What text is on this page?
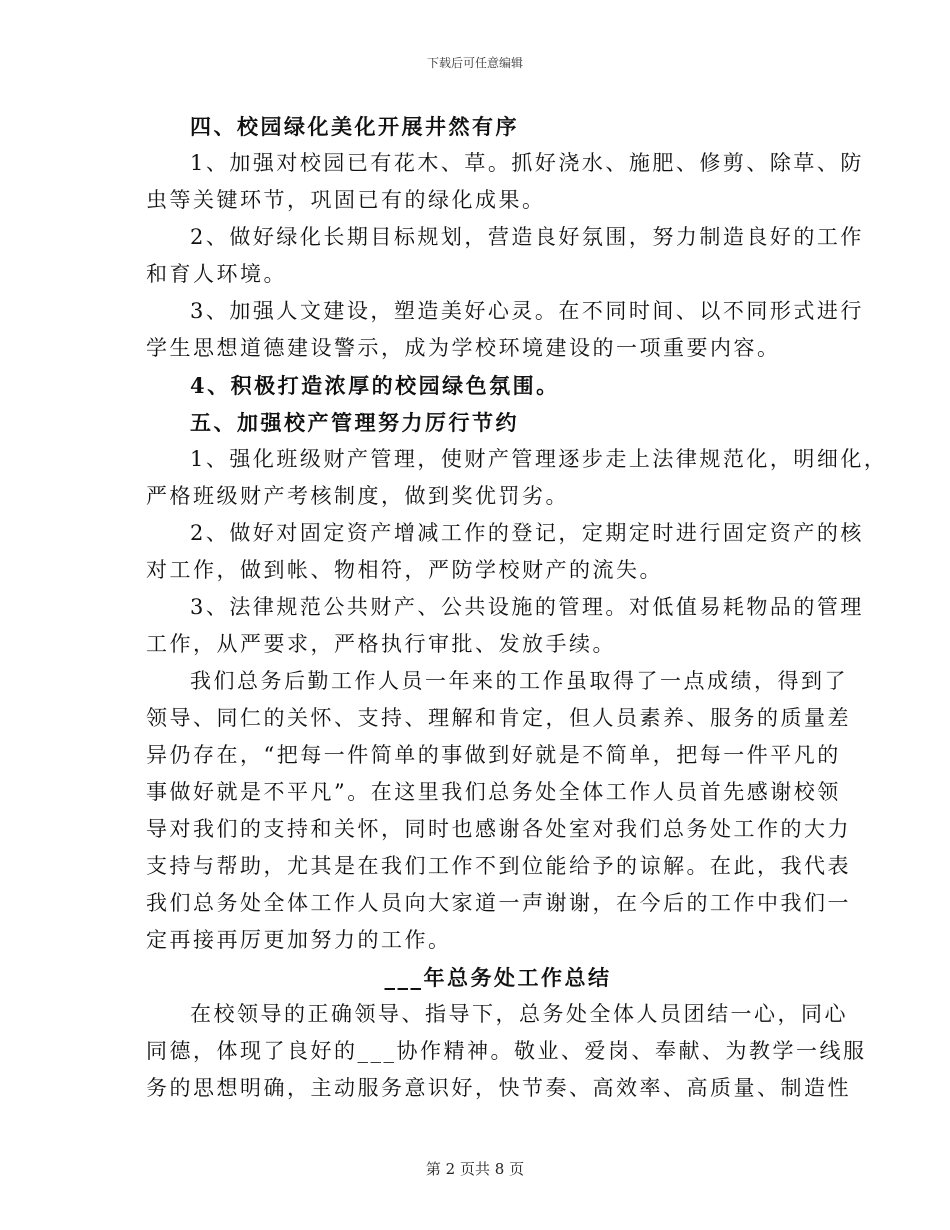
下载后可任意编辑
四、校园绿化美化开展井然有序
1、加强对校园已有花木、草。抓好浇水、施肥、修剪、除草、防
虫等关键环节，巩固已有的绿化成果。
2、做好绿化长期目标规划，营造良好氛围，努力制造良好的工作
和育人环境。
3、加强人文建设，塑造美好心灵。在不同时间、以不同形式进行
学生思想道德建设警示，成为学校环境建设的一项重要内容。
4、积极打造浓厚的校园绿色氛围。
五、加强校产管理努力厉行节约
1、强化班级财产管理，使财产管理逐步走上法律规范化，明细化，
严格班级财产考核制度，做到奖优罚劣。
2、做好对固定资产增减工作的登记，定期定时进行固定资产的核
对工作，做到帐、物相符，严防学校财产的流失。
3、法律规范公共财产、公共设施的管理。对低值易耗物品的管理
工作，从严要求，严格执行审批、发放手续。
我们总务后勤工作人员一年来的工作虽取得了一点成绩，得到了
领导、同仁的关怀、支持、理解和肯定，但人员素养、服务的质量差
异仍存在，“把每一件简单的事做到好就是不简单，把每一件平凡的
事做好就是不平凡”。在这里我们总务处全体工作人员首先感谢校领
导对我们的支持和关怀，同时也感谢各处室对我们总务处工作的大力
支持与帮助，尤其是在我们工作不到位能给予的谅解。在此，我代表
我们总务处全体工作人员向大家道一声谢谢，在今后的工作中我们一
定再接再厉更加努力的工作。
___年总务处工作总结
在校领导的正确领导、指导下，总务处全体人员团结一心，同心
同德，体现了良好的___协作精神。敬业、爱岗、奉献、为教学一线服
务的思想明确，主动服务意识好，快节奏、高效率、高质量、制造性
第 2 页共 8 页
